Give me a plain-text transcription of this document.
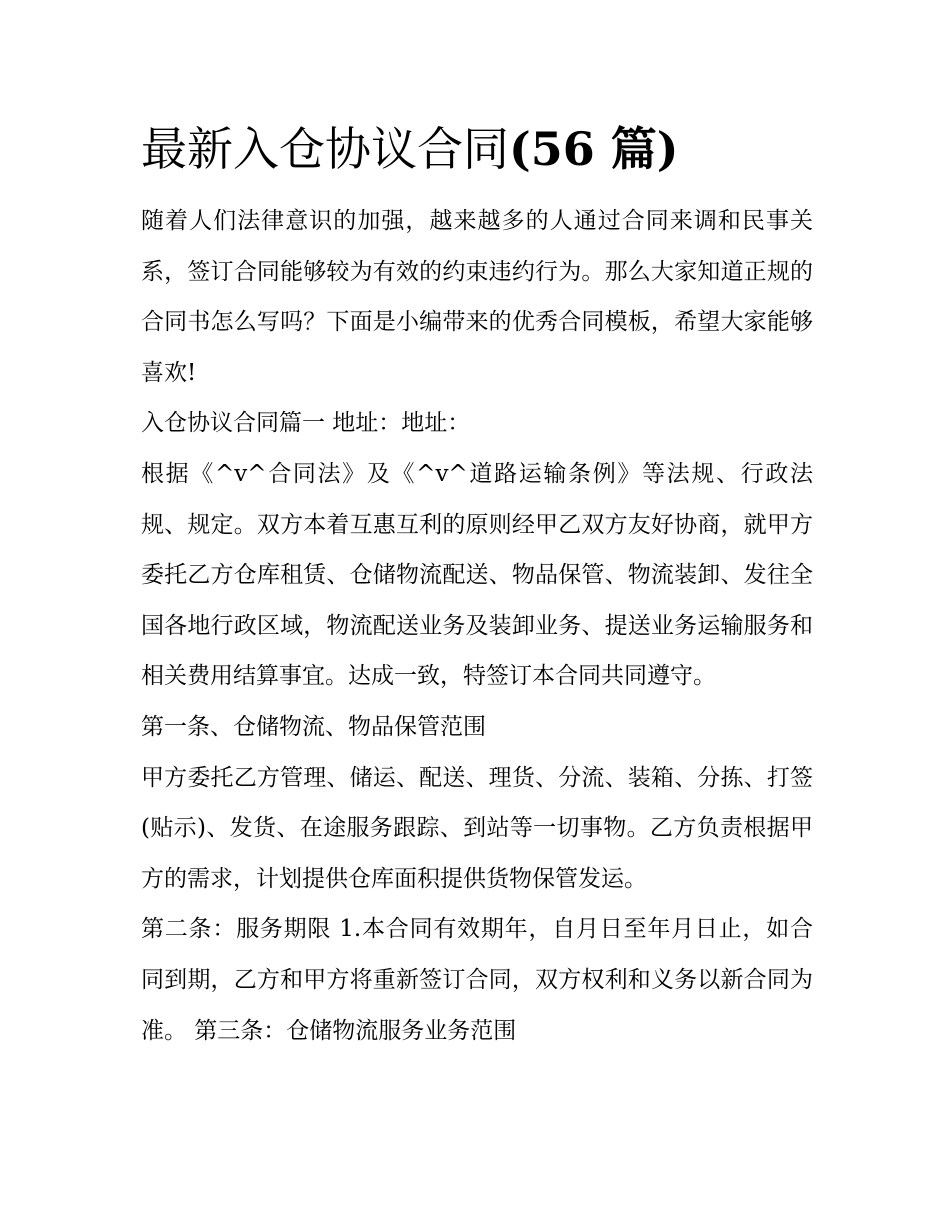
最新入仓协议合同(56 篇)

随着人们法律意识的加强，越来越多的人通过合同来调和民事关系，签订合同能够较为有效的约束违约行为。那么大家知道正规的合同书怎么写吗？下面是小编带来的优秀合同模板，希望大家能够喜欢!

入仓协议合同篇一 地址：地址：

根据《^v^合同法》及《^v^道路运输条例》等法规、行政法规、规定。双方本着互惠互利的原则经甲乙双方友好协商，就甲方委托乙方仓库租赁、仓储物流配送、物品保管、物流装卸、发往全国各地行政区域，物流配送业务及装卸业务、提送业务运输服务和相关费用结算事宜。达成一致，特签订本合同共同遵守。

第一条、仓储物流、物品保管范围

甲方委托乙方管理、储运、配送、理货、分流、装箱、分拣、打签(贴示)、发货、在途服务跟踪、到站等一切事物。乙方负责根据甲方的需求，计划提供仓库面积提供货物保管发运。

第二条：服务期限 1.本合同有效期年，自月日至年月日止，如合同到期，乙方和甲方将重新签订合同，双方权利和义务以新合同为准。 第三条：仓储物流服务业务范围
